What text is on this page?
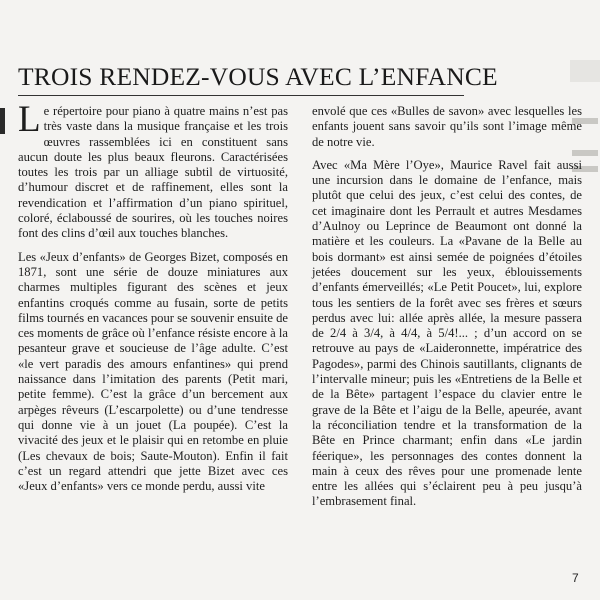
TROIS RENDEZ-VOUS AVEC L’ENFANCE

Le répertoire pour piano à quatre mains n’est pas très vaste dans la musique française et les trois œuvres rassemblées ici en constituent sans aucun doute les plus beaux fleurons. Caractérisées toutes les trois par un alliage subtil de virtuosité, d’humour discret et de raffinement, elles sont la revendication et l’affirmation d’un piano spirituel, coloré, éclaboussé de sourires, où les touches noires font des clins d’œil aux touches blanches.

Les «Jeux d’enfants» de Georges Bizet, composés en 1871, sont une série de douze miniatures aux charmes multiples figurant des scènes et jeux enfantins croqués comme au fusain, sorte de petits films tournés en vacances pour se souvenir ensuite de ces moments de grâce où l’enfance résiste encore à la pesanteur grave et soucieuse de l’âge adulte. C’est «le vert paradis des amours enfantines» qui prend naissance dans l’imitation des parents (Petit mari, petite femme). C’est la grâce d’un bercement aux arpèges rêveurs (L’escarpolette) ou d’une tendresse qui donne vie à un jouet (La poupée). C’est la vivacité des jeux et le plaisir qui en retombe en pluie (Les chevaux de bois; Saute-Mouton). Enfin il fait c’est un regard attendri que jette Bizet avec ces «Jeux d’enfants» vers ce monde perdu, aussi vite

envolé que ces «Bulles de savon» avec lesquelles les enfants jouent sans savoir qu’ils sont l’image même de notre vie.

Avec «Ma Mère l’Oye», Maurice Ravel fait aussi une incursion dans le domaine de l’enfance, mais plutôt que celui des jeux, c’est celui des contes, de cet imaginaire dont les Perrault et autres Mesdames d’Aulnoy ou Leprince de Beaumont ont donné la matière et les couleurs. La «Pavane de la Belle au bois dormant» est ainsi semée de poignées d’étoiles jetées doucement sur les yeux, éblouissements d’enfants émerveillés; «Le Petit Poucet», lui, explore tous les sentiers de la forêt avec ses frères et sœurs perdus avec lui: allée après allée, la mesure passera de 2/4 à 3/4, à 4/4, à 5/4!... ; d’un accord on se retrouve au pays de «Laideronnette, impératrice des Pagodes», parmi des Chinois sautillants, clignants de l’intervalle mineur; puis les «Entretiens de la Belle et de la Bête» partagent l’espace du clavier entre le grave de la Bête et l’aigu de la Belle, apeurée, avant la réconciliation tendre et la transformation de la Bête en Prince charmant; enfin dans «Le jardin féerique», les personnages des contes donnent la main à ceux des rêves pour une promenade lente entre les allées qui s’éclairent peu à peu jusqu’à l’embrasement final.

7
